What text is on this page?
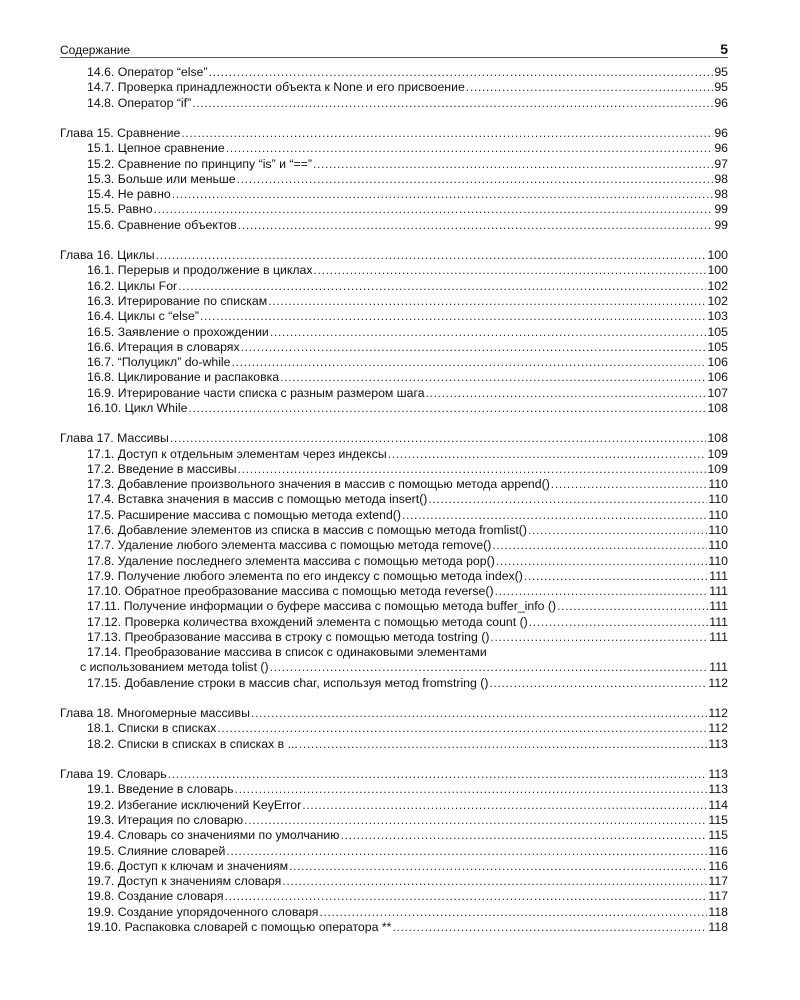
Содержание	5
14.6. Оператор “else” .....	95
14.7. Проверка принадлежности объекта к None и его присвоение .....	95
14.8. Оператор “if” .....	96
Глава 15. Сравнение .....	96
15.1. Цепное сравнение .....	96
15.2. Сравнение по принципу “is” и “==” .....	97
15.3. Больше или меньше .....	98
15.4. Не равно .....	98
15.5. Равно .....	99
15.6. Сравнение объектов .....	99
Глава 16. Циклы .....	100
16.1. Перерыв и продолжение в циклах .....	100
16.2. Циклы For .....	102
16.3. Итерирование по спискам .....	102
16.4. Циклы с “else” .....	103
16.5. Заявление о прохождении .....	105
16.6. Итерация в словарях .....	105
16.7. “Полуцикл” do-while .....	106
16.8. Циклирование и распаковка .....	106
16.9. Итерирование части списка с разным размером шага .....	107
16.10. Цикл While .....	108
Глава 17. Массивы .....	108
17.1. Доступ к отдельным элементам через индексы .....	109
17.2. Введение в массивы .....	109
17.3. Добавление произвольного значения в массив с помощью метода append() .....	110
17.4. Вставка значения в массив с помощью метода insert() .....	110
17.5. Расширение массива с помощью метода extend() .....	110
17.6. Добавление элементов из списка в массив с помощью метода fromlist() .....	110
17.7. Удаление любого элемента массива с помощью метода remove() .....	110
17.8. Удаление последнего элемента массива с помощью метода pop() .....	110
17.9. Получение любого элемента по его индексу с помощью метода index() .....	111
17.10. Обратное преобразование массива с помощью метода reverse() .....	111
17.11. Получение информации о буфере массива с помощью метода buffer_info () .....	111
17.12. Проверка количества вхождений элемента с помощью метода count () .....	111
17.13. Преобразование массива в строку с помощью метода tostring () .....	111
17.14. Преобразование массива в список с одинаковыми элементами
с использованием метода tolist () .....	111
17.15. Добавление строки в массив char, используя метод fromstring () .....	112
Глава 18. Многомерные массивы .....	112
18.1. Списки в списках .....	112
18.2. Списки в списках в списках в ... .....	113
Глава 19. Словарь .....	113
19.1. Введение в словарь .....	113
19.2. Избегание исключений KeyError .....	114
19.3. Итерация по словарю .....	115
19.4. Словарь со значениями по умолчанию .....	115
19.5. Слияние словарей .....	116
19.6. Доступ к ключам и значениям .....	116
19.7. Доступ к значениям словаря .....	117
19.8. Создание словаря .....	117
19.9. Создание упорядоченного словаря .....	118
19.10. Распаковка словарей с помощью оператора ** .....	118
